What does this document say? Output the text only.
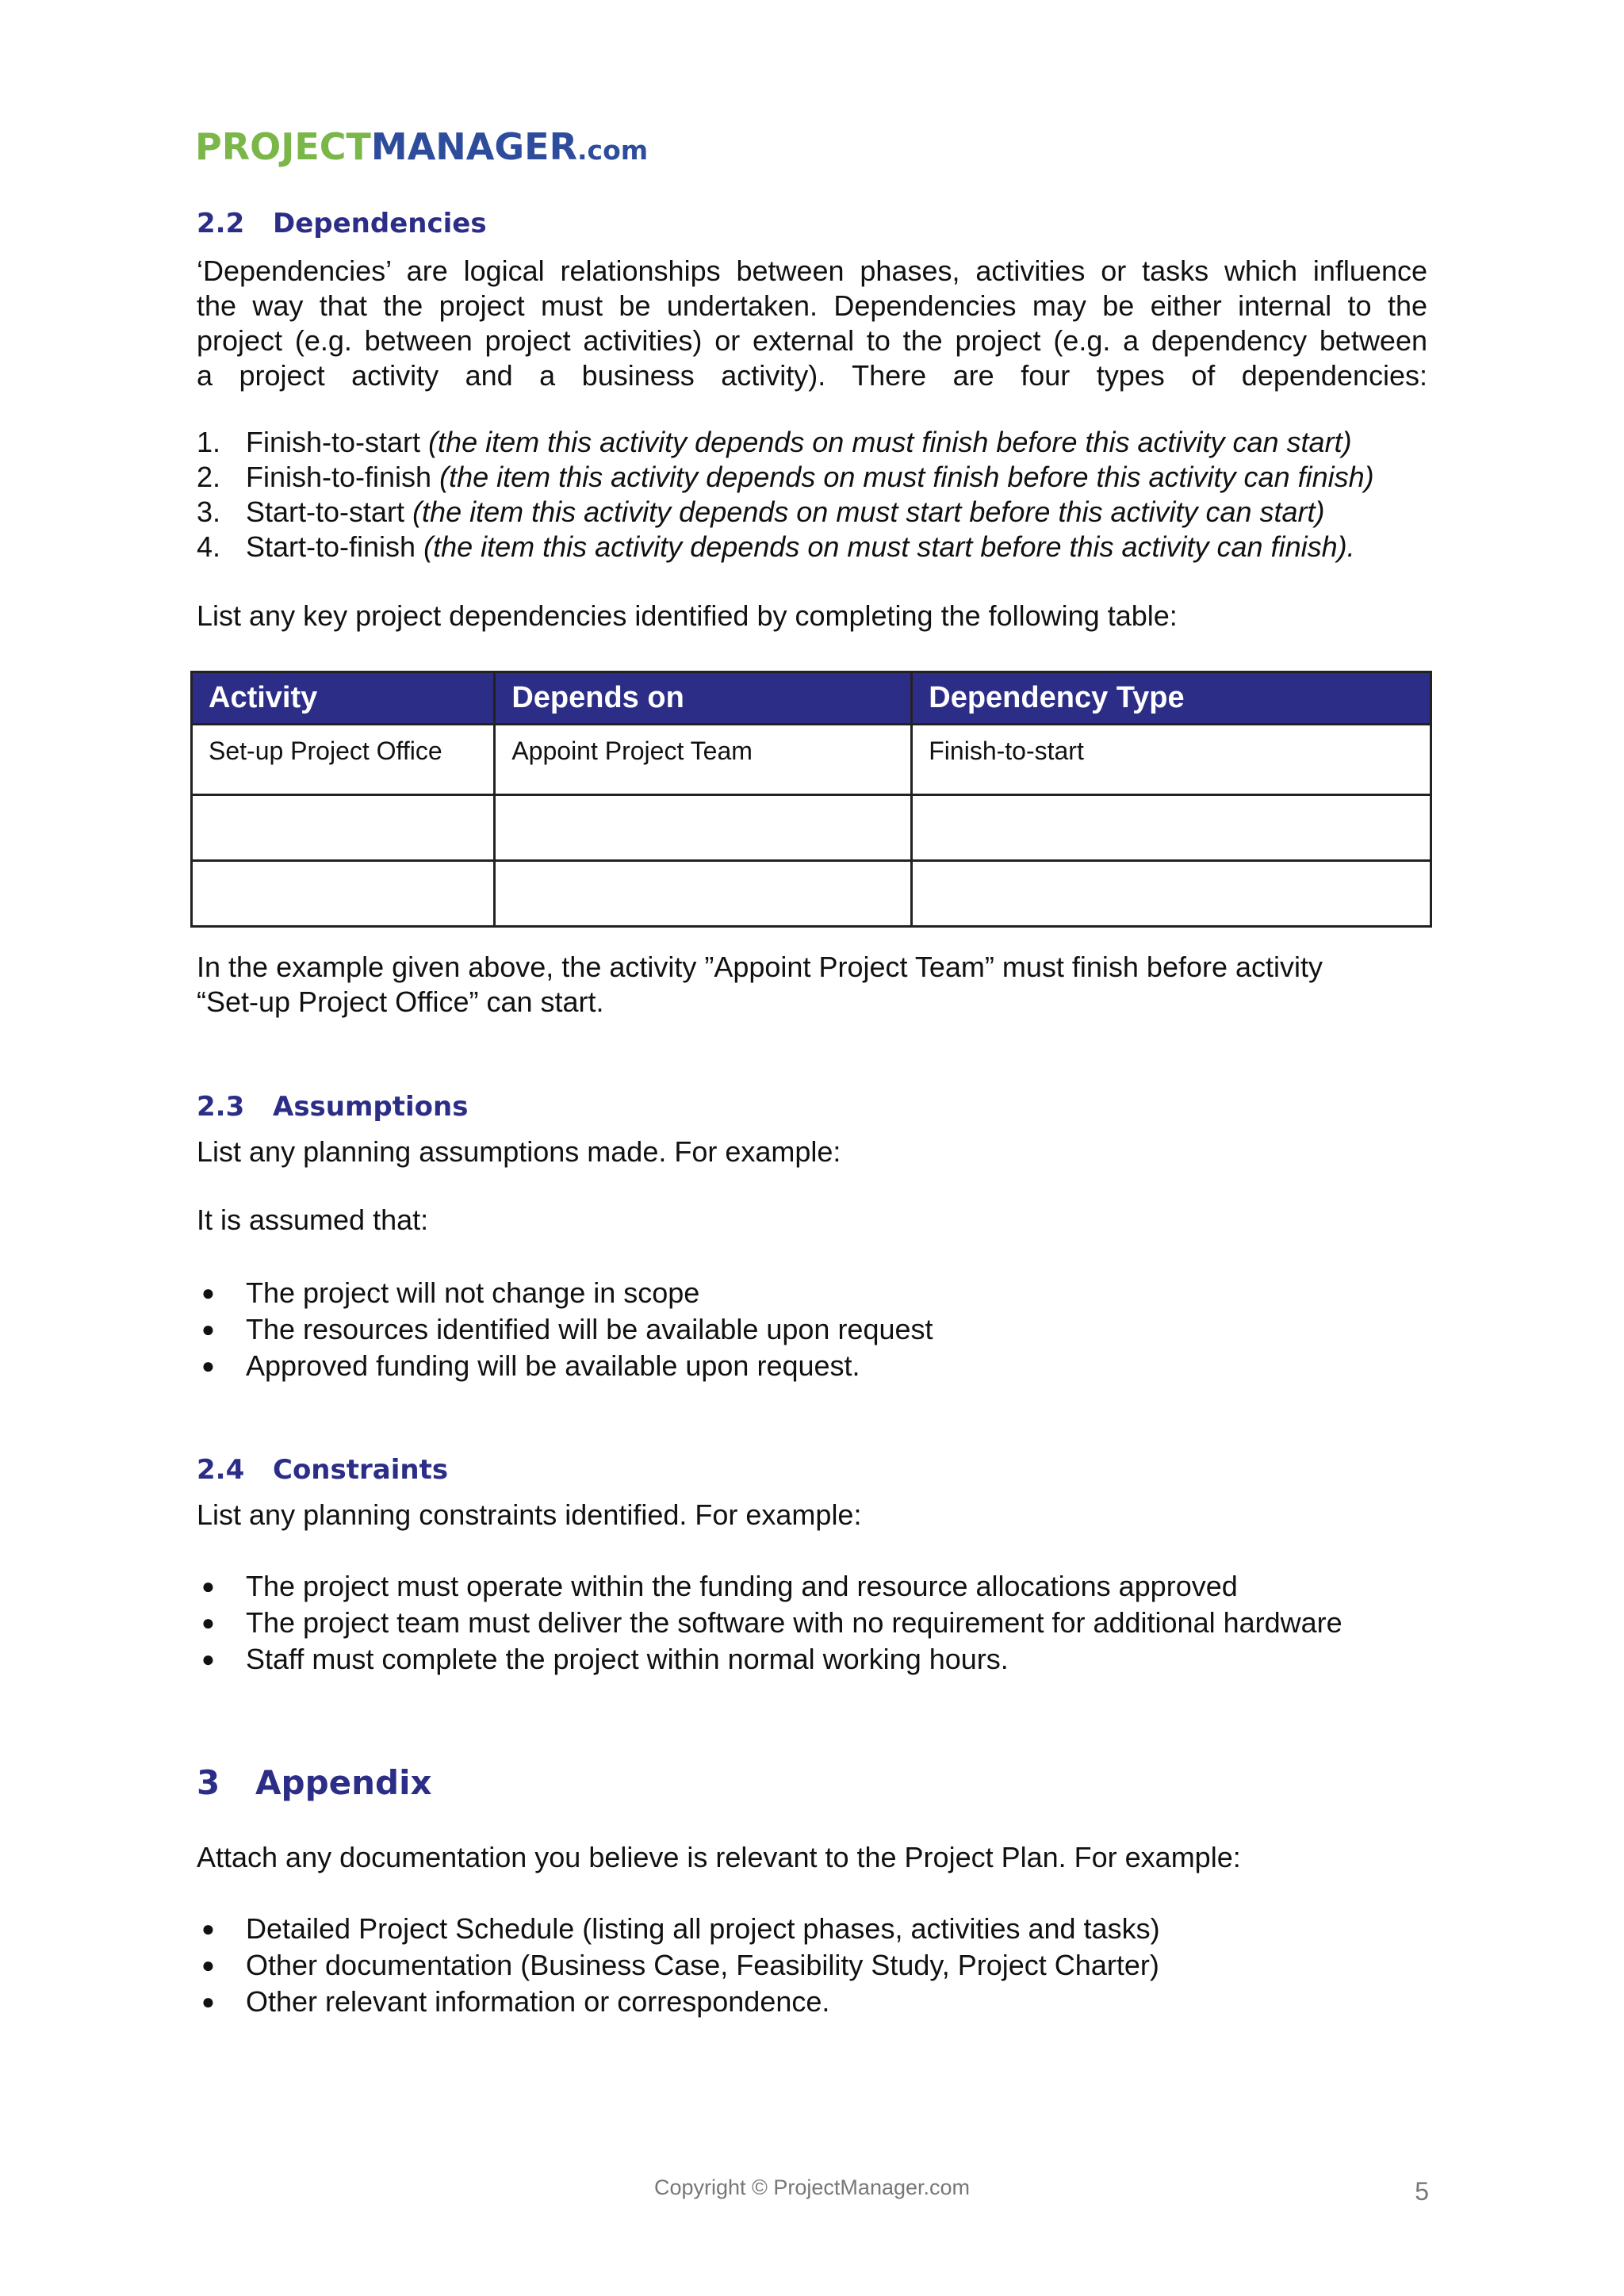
PROJECTMANAGER.com
2.2 Dependencies
‘Dependencies’ are logical relationships between phases, activities or tasks which influence
the way that the project must be undertaken. Dependencies may be either internal to the
project (e.g. between project activities) or external to the project (e.g. a dependency between
a project activity and a business activity). There are four types of dependencies:
1. Finish-to-start (the item this activity depends on must finish before this activity can start)
2. Finish-to-finish (the item this activity depends on must finish before this activity can finish)
3. Start-to-start (the item this activity depends on must start before this activity can start)
4. Start-to-finish (the item this activity depends on must start before this activity can finish).
List any key project dependencies identified by completing the following table:
Activity	Depends on	Dependency Type
Set-up Project Office	Appoint Project Team	Finish-to-start

In the example given above, the activity ”Appoint Project Team” must finish before activity
“Set-up Project Office” can start.
2.3 Assumptions
List any planning assumptions made. For example:
It is assumed that:
● The project will not change in scope
● The resources identified will be available upon request
● Approved funding will be available upon request.
2.4 Constraints
List any planning constraints identified. For example:
● The project must operate within the funding and resource allocations approved
● The project team must deliver the software with no requirement for additional hardware
● Staff must complete the project within normal working hours.
3 Appendix
Attach any documentation you believe is relevant to the Project Plan. For example:
● Detailed Project Schedule (listing all project phases, activities and tasks)
● Other documentation (Business Case, Feasibility Study, Project Charter)
● Other relevant information or correspondence.
Copyright © ProjectManager.com	5
